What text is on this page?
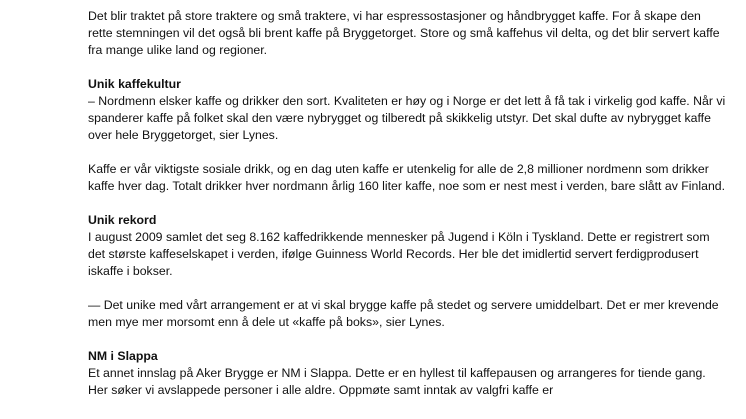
Det blir traktet på store traktere og små traktere, vi har espressostasjoner og håndbrygget kaffe. For å skape den rette stemningen vil det også bli brent kaffe på Bryggetorget. Store og små kaffehus vil delta, og det blir servert kaffe fra mange ulike land og regioner.

Unik kaffekultur

– Nordmenn elsker kaffe og drikker den sort. Kvaliteten er høy og i Norge er det lett å få tak i virkelig god kaffe. Når vi spanderer kaffe på folket skal den være nybrygget og tilberedt på skikkelig utstyr. Det skal dufte av nybrygget kaffe over hele Bryggetorget, sier Lynes.

Kaffe er vår viktigste sosiale drikk, og en dag uten kaffe er utenkelig for alle de 2,8 millioner nordmenn som drikker kaffe hver dag. Totalt drikker hver nordmann årlig 160 liter kaffe, noe som er nest mest i verden, bare slått av Finland.

Unik rekord

I august 2009 samlet det seg 8.162 kaffedrikkende mennesker på Jugend i Köln i Tyskland. Dette er registrert som det største kaffeselskapet i verden, ifølge Guinness World Records. Her ble det imidlertid servert ferdigprodusert iskaffe i bokser.

— Det unike med vårt arrangement er at vi skal brygge kaffe på stedet og servere umiddelbart. Det er mer krevende men mye mer morsomt enn å dele ut «kaffe på boks», sier Lynes.

NM i Slappa

Et annet innslag på Aker Brygge er NM i Slappa. Dette er en hyllest til kaffepausen og arrangeres for tiende gang. Her søker vi avslappede personer i alle aldre. Oppmøte samt inntak av valgfri kaffe er
